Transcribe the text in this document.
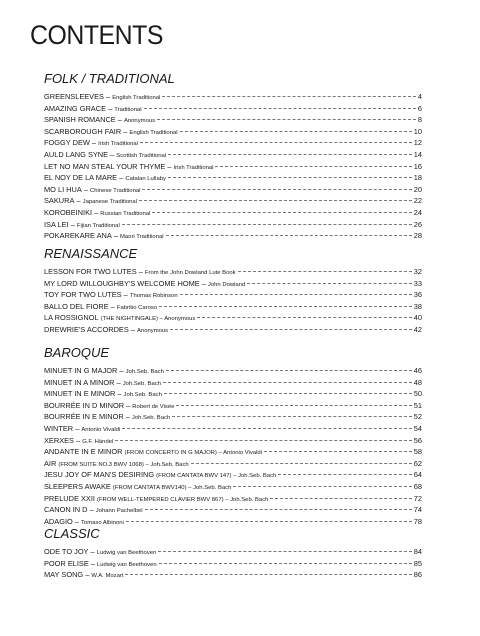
CONTENTS
FOLK / TRADITIONAL
GREENSLEEVES – English Traditional	4
AMAZING GRACE – Traditional	6
SPANISH ROMANCE – Anonymous	8
SCARBOROUGH FAIR – English Traditional	10
FOGGY DEW – Irish Traditional	12
AULD LANG SYNE – Scottish Traditional	14
LET NO MAN STEAL YOUR THYME – Irish Traditional	16
EL NOY DE LA MARE – Catalan Lullaby	18
MO LI HUA – Chinese Traditional	20
SAKURA – Japanese Traditional	22
KOROBEINIKI – Russian Traditional	24
ISA LEI – Fijian Traditional	26
POKAREKARE ANA – Maori Traditional	28
RENAISSANCE
LESSON FOR TWO LUTES – From the John Dowland Lute Book	32
MY LORD WILLOUGHBY'S WELCOME HOME – John Dowland	33
TOY FOR TWO LUTES – Thomas Robinson	36
BALLO DEL FIORE – Fabritio Caroso	38
LA ROSSIGNOL
(THE NIGHTINGALE) – Anonymous	40
DREWRIE'S ACCORDES – Anonymous	42
BAROQUE
MINUET IN G MAJOR – Joh.Seb. Bach	46
MINUET IN A MINOR – Joh.Seb. Bach	48
MINUET IN E MINOR – Joh.Seb. Bach	50
BOURRÉE IN D MINOR – Robert de Visée	51
BOURRÉE IN E MINOR – Joh.Seb. Bach	52
WINTER – Antonio Vivaldi	54
XERXES – G.F. Händel	56
ANDANTE IN E MINOR
(FROM CONCERTO IN G MAJOR) – Antonio Vivaldi	58
AIR
(FROM SUITE NO.3 BWV 1068) – Joh.Seb. Bach	62
JESU JOY OF MAN'S DESIRING
(FROM CANTATA BWV 147) – Joh.Seb. Bach	64
SLEEPERS AWAKE
(FROM CANTATA BWV140) – Joh.Seb. Bach	68
PRELUDE XXII
(FROM WELL-TEMPERED CLAVIER BWV 867) – Joh.Seb. Bach	72
CANON IN D – Johann Pachelbel	74
ADAGIO – Tomaso Albinoni	78
CLASSIC
ODE TO JOY – Ludwig van Beethoven	84
POOR ELISE – Ludwig van Beethoven	85
MAY SONG – W.A. Mozart	86
